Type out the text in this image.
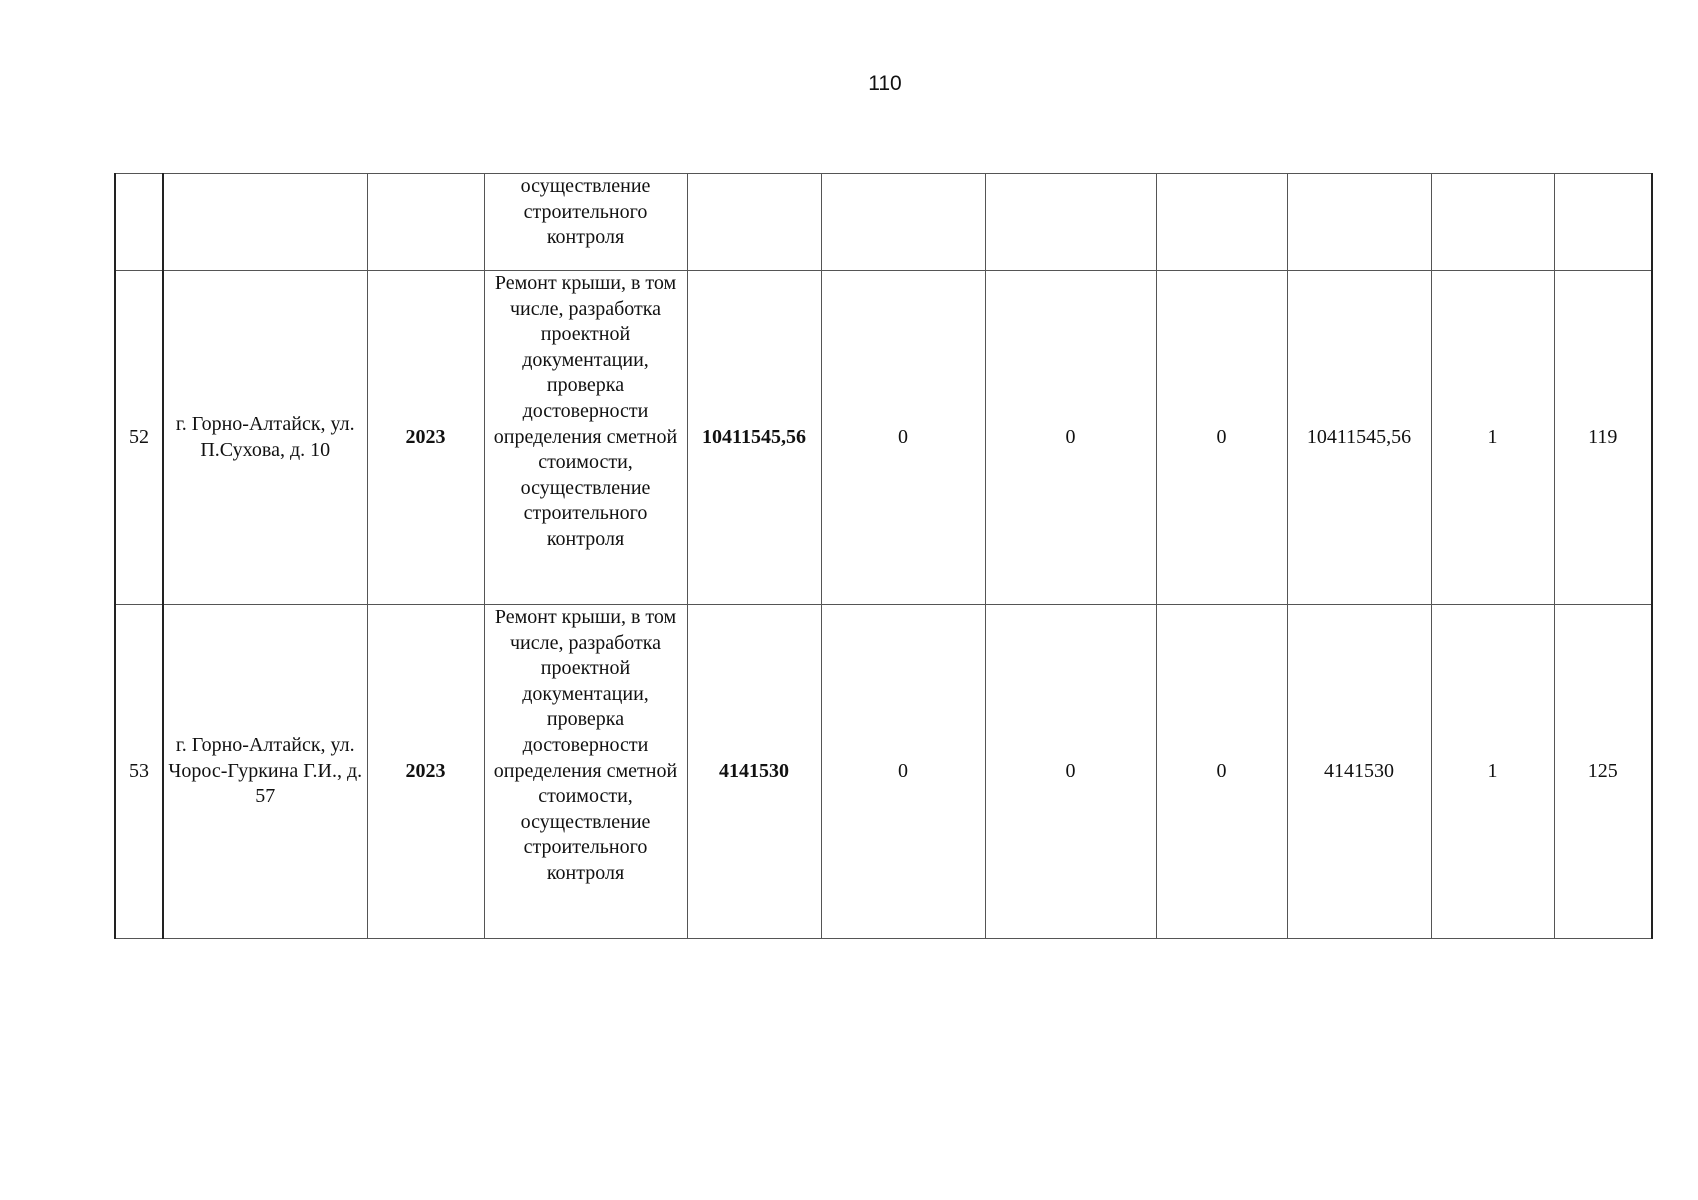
110
			осуществление строительного контроля							
52	г. Горно-Алтайск, ул. П.Сухова, д. 10	2023	Ремонт крыши, в том числе, разработка проектной документации, проверка достоверности определения сметной стоимости, осуществление строительного контроля	10411545,56	0	0	0	10411545,56	1	119
53	г. Горно-Алтайск, ул. Чорос-Гуркина Г.И., д. 57	2023	Ремонт крыши, в том числе, разработка проектной документации, проверка достоверности определения сметной стоимости, осуществление строительного контроля	4141530	0	0	0	4141530	1	125
